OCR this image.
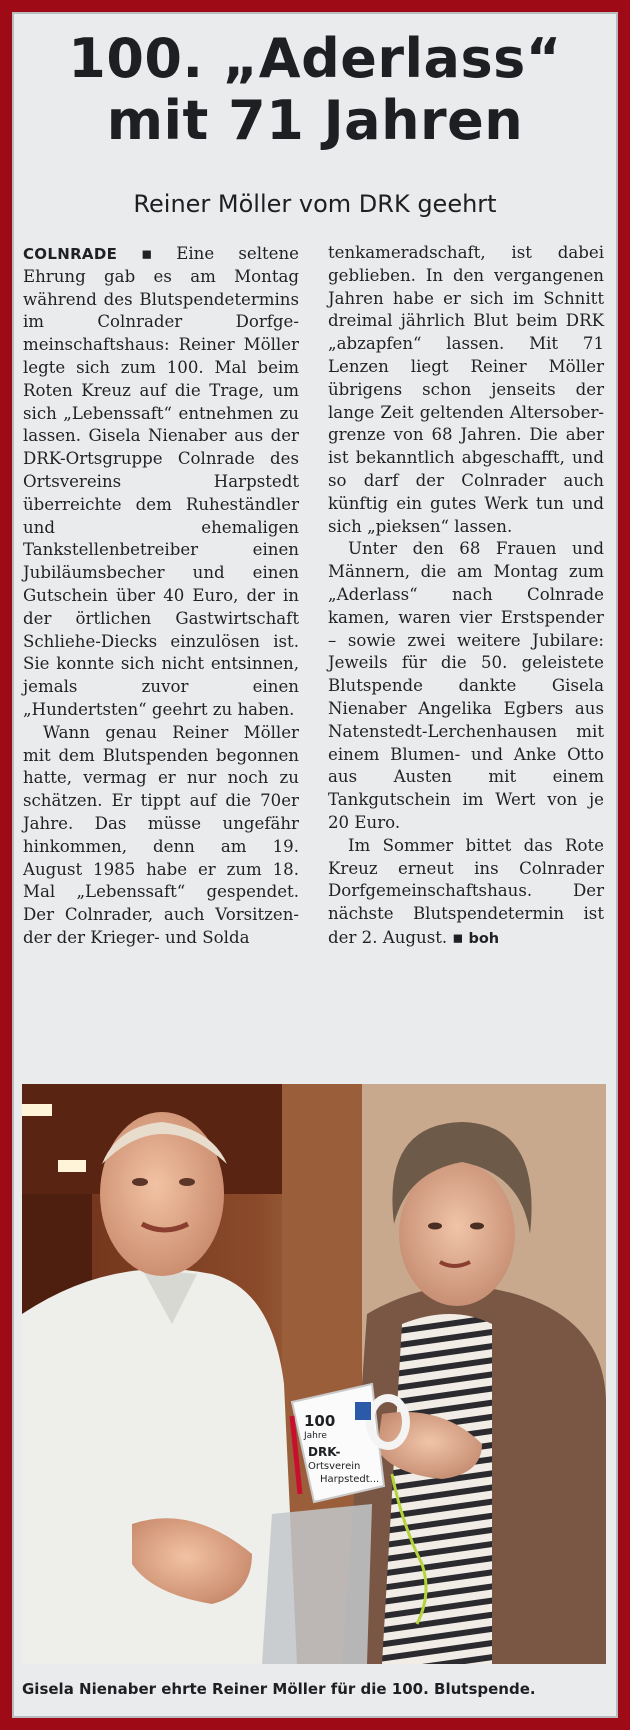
100. „Aderlass“
mit 71 Jahren
Reiner Möller vom DRK geehrt

COLNRADE ▪ Eine seltene Ehrung gab es am Montag während des Blutspendetermins im Colnrader Dorfgemeinschaftshaus: Reiner Möller legte sich zum 100. Mal beim Roten Kreuz auf die Trage, um sich „Lebenssaft“ entnehmen zu lassen. Gisela Nienaber aus der DRK-Ortsgruppe Colnrade des Ortsvereins Harpstedt überreichte dem Ruheständler und ehemaligen Tankstellenbetreiber einen Jubiläumsbecher und einen Gutschein über 40 Euro, der in der örtlichen Gastwirtschaft Schliehe-Diecks einzulösen ist. Sie konnte sich nicht entsinnen, jemals zuvor einen „Hundertsten“ geehrt zu haben.

Wann genau Reiner Möller mit dem Blutspenden begonnen hatte, vermag er nur noch zu schätzen. Er tippt auf die 70er Jahre. Das müsse ungefähr hinkommen, denn am 19. August 1985 habe er zum 18. Mal „Lebenssaft“ gespendet. Der Colnrader, auch Vorsitzender der Krieger- und Solda

tenkameradschaft, ist dabei geblieben. In den vergangenen Jahren habe er sich im Schnitt dreimal jährlich Blut beim DRK „abzapfen“ lassen. Mit 71 Lenzen liegt Reiner Möller übrigens schon jenseits der lange Zeit geltenden Altersobergrenze von 68 Jahren. Die aber ist bekanntlich abgeschafft, und so darf der Colnrader auch künftig ein gutes Werk tun und sich „pieksen“ lassen.

Unter den 68 Frauen und Männern, die am Montag zum „Aderlass“ nach Colnrade kamen, waren vier Erstspender – sowie zwei weitere Jubilare: Jeweils für die 50. geleistete Blutspende dankte Gisela Nienaber Angelika Egbers aus Natenstedt-Lerchenhausen mit einem Blumen- und Anke Otto aus Austen mit einem Tankgutschein im Wert von je 20 Euro.

Im Sommer bittet das Rote Kreuz erneut ins Colnrader Dorfgemeinschaftshaus. Der nächste Blutspendetermin ist der 2. August. ▪ boh

100
Jahre
DRK-
Ortsverein
Harpstedt...
Gisela Nienaber ehrte Reiner Möller für die 100. Blutspende.
